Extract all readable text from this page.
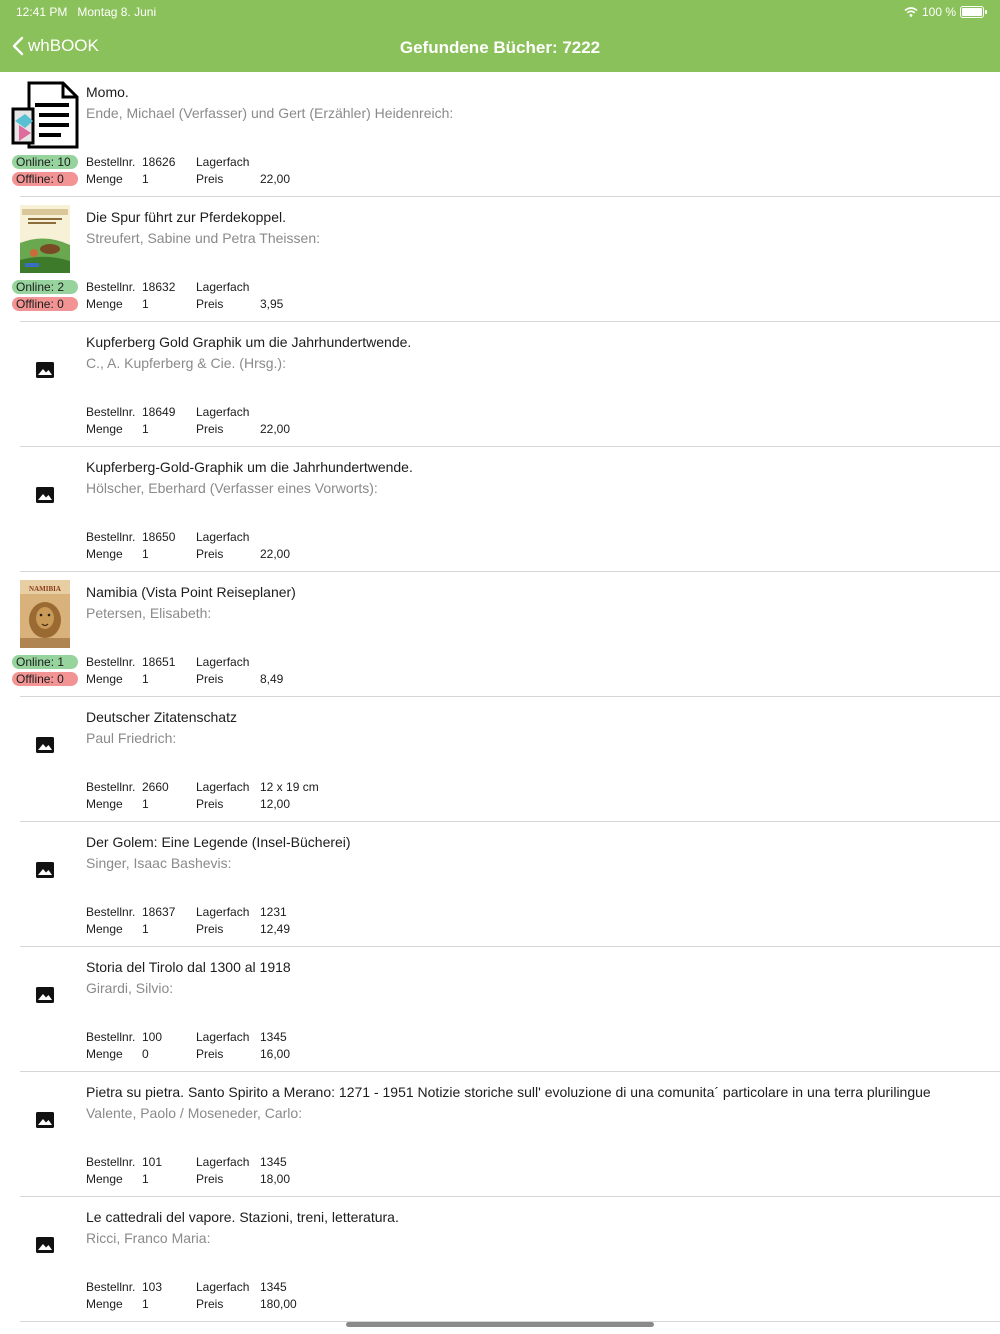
12:41 PM Montag 8. Juni	100 %
whBOOK	Gefundene Bücher: 7222
Online: 10
Offline: 0
Momo.
Ende, Michael (Verfasser) und Gert (Erzähler) Heidenreich:
Bestellnr. 18626 Lagerfach
Menge 1	Preis	22,00
Online: 2
Offline: 0
Die Spur führt zur Pferdekoppel.
Streufert, Sabine und Petra Theissen:
Bestellnr. 18632 Lagerfach
Menge 1	Preis	3,95
Kupferberg Gold Graphik um die Jahrhundertwende.
C., A. Kupferberg & Cie. (Hrsg.):
Bestellnr. 18649 Lagerfach
Menge 1	Preis	22,00
Kupferberg-Gold-Graphik um die Jahrhundertwende.
Hölscher, Eberhard (Verfasser eines Vorworts):
Bestellnr. 18650 Lagerfach
Menge 1	Preis	22,00
NAMIBIA
Online: 1
Offline: 0
Namibia (Vista Point Reiseplaner)
Petersen, Elisabeth:
Bestellnr. 18651 Lagerfach
Menge 1	Preis	8,49
Deutscher Zitatenschatz
Paul Friedrich:
Bestellnr. 2660 Lagerfach 12 x 19 cm
Menge 1	Preis	12,00
Der Golem: Eine Legende (Insel-Bücherei)
Singer, Isaac Bashevis:
Bestellnr. 18637 Lagerfach 1231
Menge 1	Preis	12,49
Storia del Tirolo dal 1300 al 1918
Girardi, Silvio:
Bestellnr. 100	Lagerfach 1345
Menge 0	Preis	16,00
Pietra su pietra. Santo Spirito a Merano: 1271 - 1951 Notizie storiche sull' evoluzione di una comunita´ particolare in una terra plurilingue
Valente, Paolo / Moseneder, Carlo:
Bestellnr. 101	Lagerfach 1345
Menge 1	Preis	18,00
Le cattedrali del vapore. Stazioni, treni, letteratura.
Ricci, Franco Maria:
Bestellnr. 103	Lagerfach 1345
Menge 1	Preis	180,00
